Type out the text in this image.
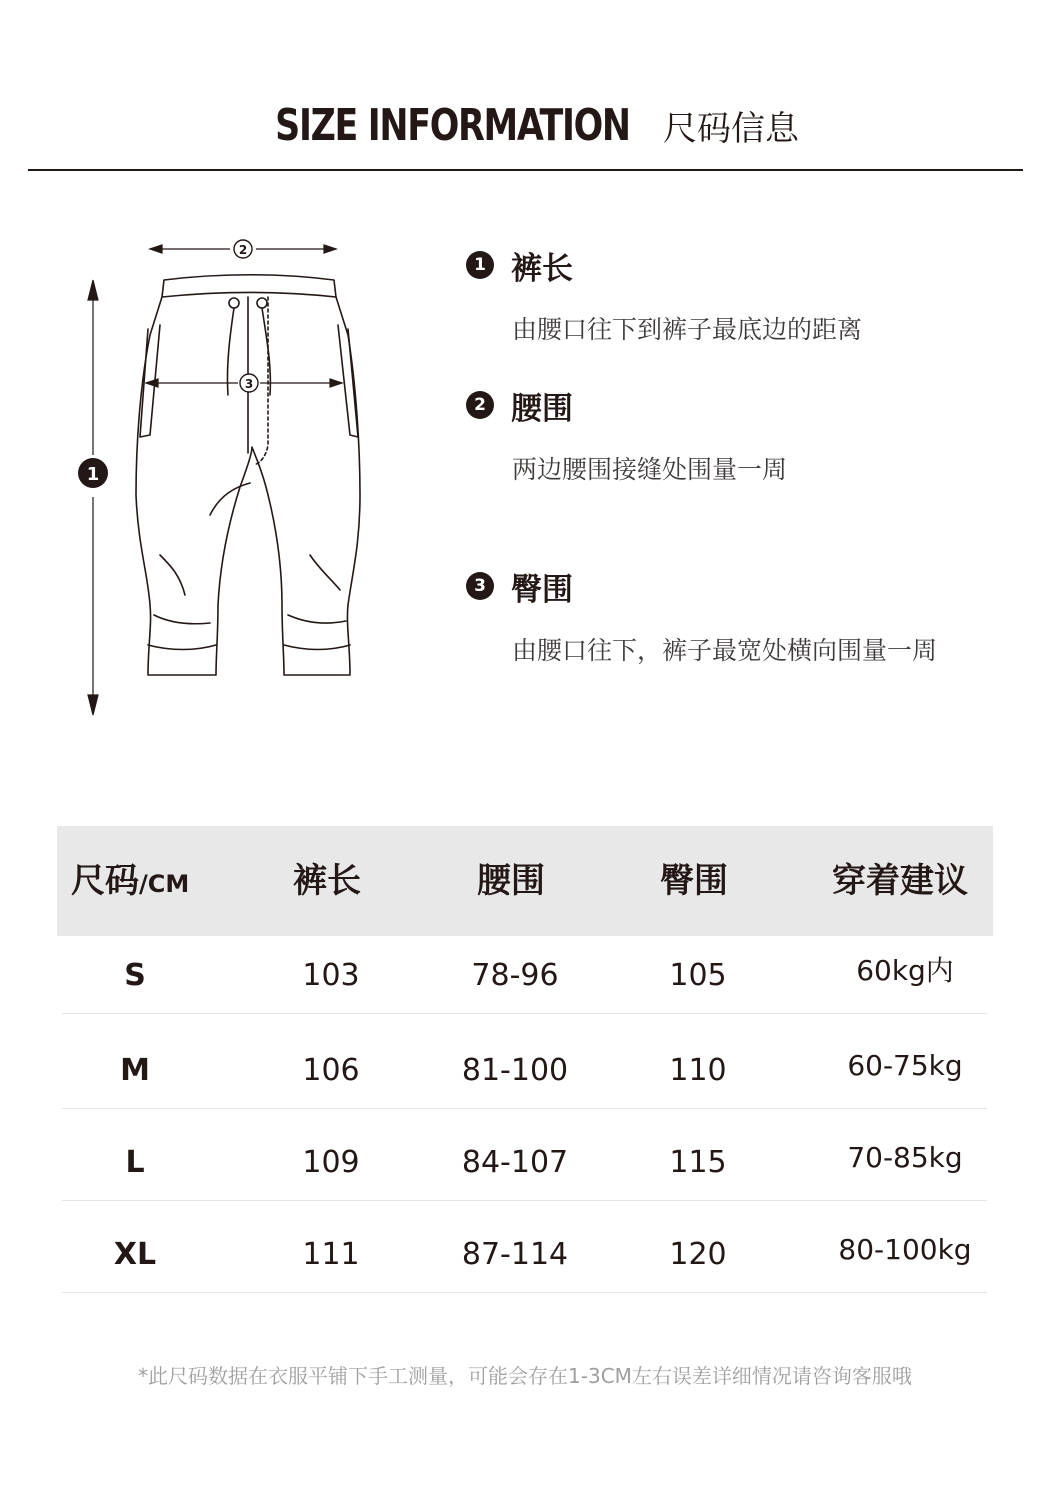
SIZE INFORMATION 尺码信息
2
3
1
1 裤长
由腰口往下到裤子最底边的距离
2 腰围
两边腰围接缝处围量一周
3 臀围
由腰口往下，裤子最宽处横向围量一周
尺码/CM	裤长	腰围	臀围	穿着建议
S	103	78-96	105	60kg内
M	106	81-100	110	60-75kg
L	109	84-107	115	70-85kg
XL	111	87-114	120	80-100kg
*此尺码数据在衣服平铺下手工测量，可能会存在1-3CM左右误差详细情况请咨询客服哦
